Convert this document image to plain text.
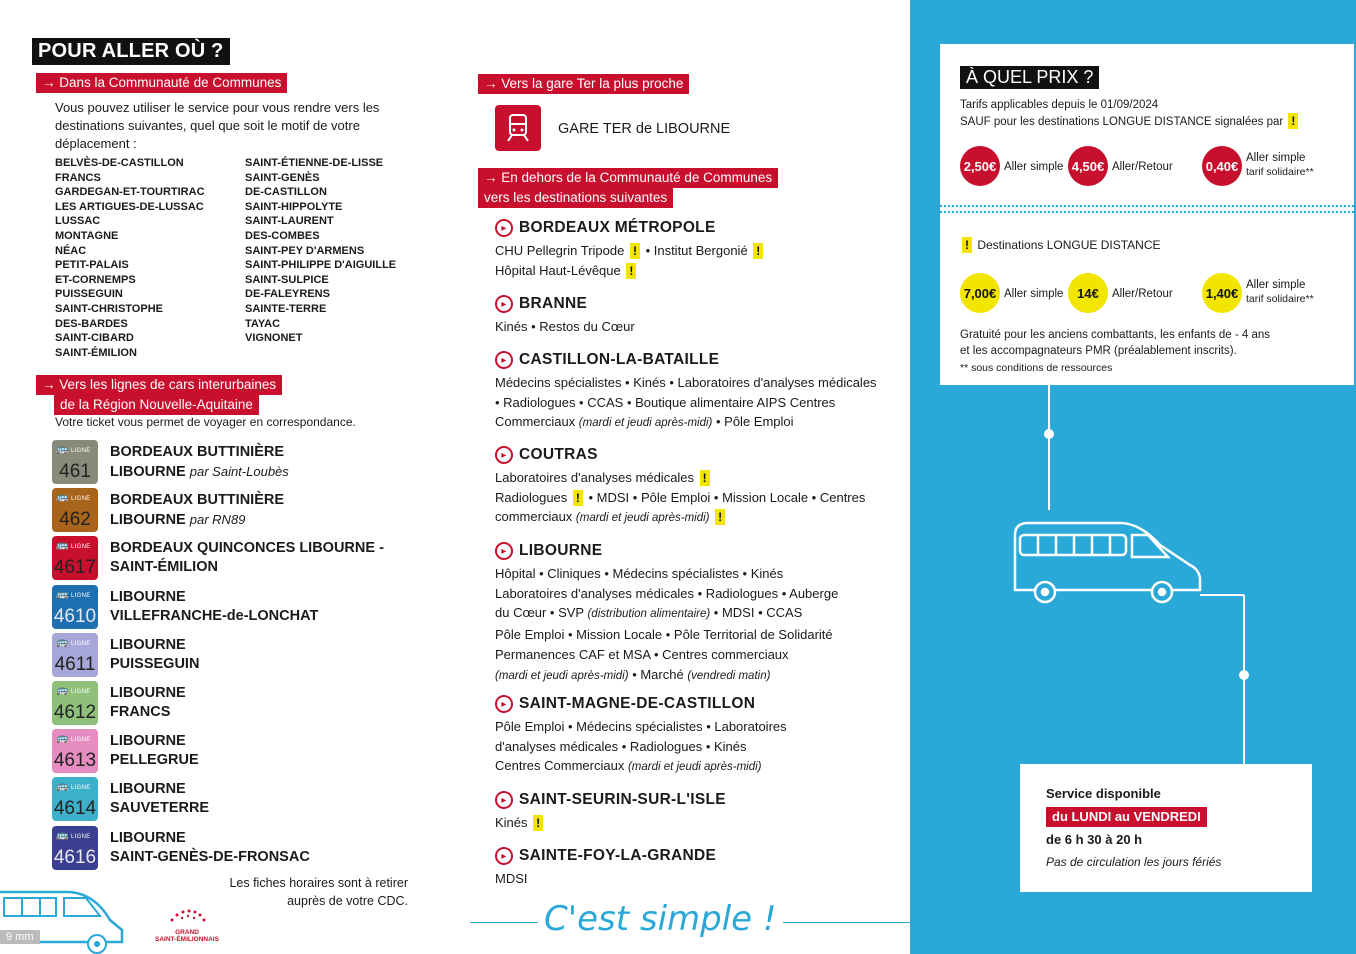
POUR ALLER OÙ ?
→ Dans la Communauté de Communes
Vous pouvez utiliser le service pour vous rendre vers les destinations suivantes, quel que soit le motif de votre déplacement :
BELVÈS-DE-CASTILLON
FRANCS
GARDEGAN-ET-TOURTIRAC
LES ARTIGUES-DE-LUSSAC
LUSSAC
MONTAGNE
NÉAC
PETIT-PALAIS
ET-CORNEMPS
PUISSEGUIN
SAINT-CHRISTOPHE
DES-BARDES
SAINT-CIBARD
SAINT-ÉMILION
SAINT-ÉTIENNE-DE-LISSE
SAINT-GENÈS
DE-CASTILLON
SAINT-HIPPOLYTE
SAINT-LAURENT
DES-COMBES
SAINT-PEY D'ARMENS
SAINT-PHILIPPE D'AIGUILLE
SAINT-SULPICE
DE-FALEYRENS
SAINTE-TERRE
TAYAC
VIGNONET
→ Vers les lignes de cars interurbaines
de la Région Nouvelle-Aquitaine
Votre ticket vous permet de voyager en correspondance.
🚌 LIGNE
461
BORDEAUX BUTTINIÈRE
LIBOURNE par Saint-Loubès
🚌 LIGNE
462
BORDEAUX BUTTINIÈRE
LIBOURNE par RN89
🚌 LIGNE
4617
BORDEAUX QUINCONCES LIBOURNE -
SAINT-ÉMILION
🚌 LIGNE
4610
LIBOURNE
VILLEFRANCHE-de-LONCHAT
🚌 LIGNE
4611
LIBOURNE
PUISSEGUIN
🚌 LIGNE
4612
LIBOURNE
FRANCS
🚌 LIGNE
4613
LIBOURNE
PELLEGRUE
🚌 LIGNE
4614
LIBOURNE
SAUVETERRE
🚌 LIGNE
4616
LIBOURNE
SAINT-GENÈS-DE-FRONSAC
Les fiches horaires sont à retirer
auprès de votre CDC.
9 mm	GRAND
SAINT-ÉMILIONNAIS
→ Vers la gare Ter la plus proche
GARE TER de LIBOURNE
→ En dehors de la Communauté de Communes
vers les destinations suivantes
▸ BORDEAUX MÉTROPOLE
CHU Pellegrin Tripode ! • Institut Bergonié !
Hôpital Haut-Lévêque !
▸ BRANNE
Kinés • Restos du Cœur
▸ CASTILLON-LA-BATAILLE
Médecins spécialistes • Kinés • Laboratoires d'analyses médicales
• Radiologues • CCAS • Boutique alimentaire AIPS Centres
Commerciaux (mardi et jeudi après-midi) • Pôle Emploi
▸ COUTRAS
Laboratoires d'analyses médicales !
Radiologues ! • MDSI • Pôle Emploi • Mission Locale • Centres
commerciaux (mardi et jeudi après-midi) !
▸ LIBOURNE
Hôpital • Cliniques • Médecins spécialistes • Kinés
Laboratoires d'analyses médicales • Radiologues • Auberge
du Cœur • SVP (distribution alimentaire) • MDSI • CCAS
Pôle Emploi • Mission Locale • Pôle Territorial de Solidarité
Permanences CAF et MSA • Centres commerciaux
(mardi et jeudi après-midi) • Marché (vendredi matin)
▸ SAINT-MAGNE-DE-CASTILLON
Pôle Emploi • Médecins spécialistes • Laboratoires
d'analyses médicales • Radiologues • Kinés
Centres Commerciaux (mardi et jeudi après-midi)
▸ SAINT-SEURIN-SUR-L'ISLE
Kinés !
▸ SAINTE-FOY-LA-GRANDE
MDSI
C'est simple !
À QUEL PRIX ?
Tarifs applicables depuis le 01/09/2024
SAUF pour les destinations LONGUE DISTANCE signalées par !
2,50€ Aller simple 4,50€ Aller/Retour	0,40€
Aller simple
tarif solidaire**
! Destinations LONGUE DISTANCE
7,00€ Aller simple	14€	Aller/Retour	1,40€
Aller simple
tarif solidaire**
Gratuité pour les anciens combattants, les enfants de - 4 ans
et les accompagnateurs PMR (préalablement inscrits).
** sous conditions de ressources
Service disponible
du LUNDI au VENDREDI
de 6 h 30 à 20 h
Pas de circulation les jours fériés
